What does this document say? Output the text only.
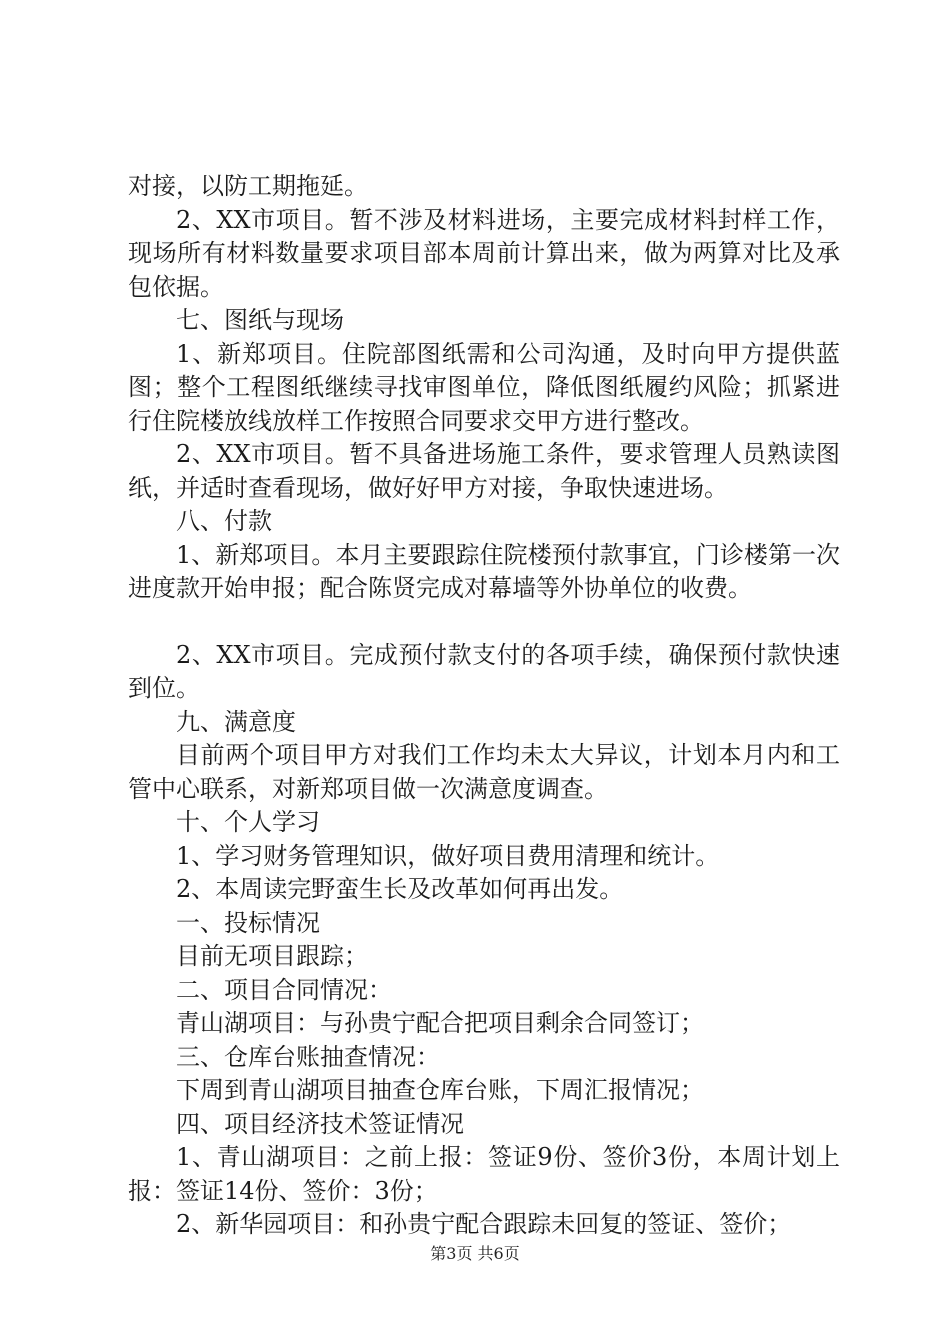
对接，以防工期拖延。

2、XX市项目。暂不涉及材料进场，主要完成材料封样工作，现场所有材料数量要求项目部本周前计算出来，做为两算对比及承包依据。

七、图纸与现场

1、新郑项目。住院部图纸需和公司沟通，及时向甲方提供蓝图；整个工程图纸继续寻找审图单位，降低图纸履约风险；抓紧进行住院楼放线放样工作按照合同要求交甲方进行整改。

2、XX市项目。暂不具备进场施工条件，要求管理人员熟读图纸，并适时查看现场，做好好甲方对接，争取快速进场。

八、付款

1、新郑项目。本月主要跟踪住院楼预付款事宜，门诊楼第一次进度款开始申报；配合陈贤完成对幕墙等外协单位的收费。

2、XX市项目。完成预付款支付的各项手续，确保预付款快速到位。

九、满意度

目前两个项目甲方对我们工作均未太大异议，计划本月内和工管中心联系，对新郑项目做一次满意度调查。

十、个人学习

1、学习财务管理知识，做好项目费用清理和统计。

2、本周读完野蛮生长及改革如何再出发。

一、投标情况

目前无项目跟踪；

二、项目合同情况：

青山湖项目：与孙贵宁配合把项目剩余合同签订；

三、仓库台账抽查情况：

下周到青山湖项目抽查仓库台账，下周汇报情况；

四、项目经济技术签证情况

1、青山湖项目：之前上报：签证9份、签价3份，本周计划上报：签证14份、签价：3份；

2、新华园项目：和孙贵宁配合跟踪未回复的签证、签价；

第3页 共6页
